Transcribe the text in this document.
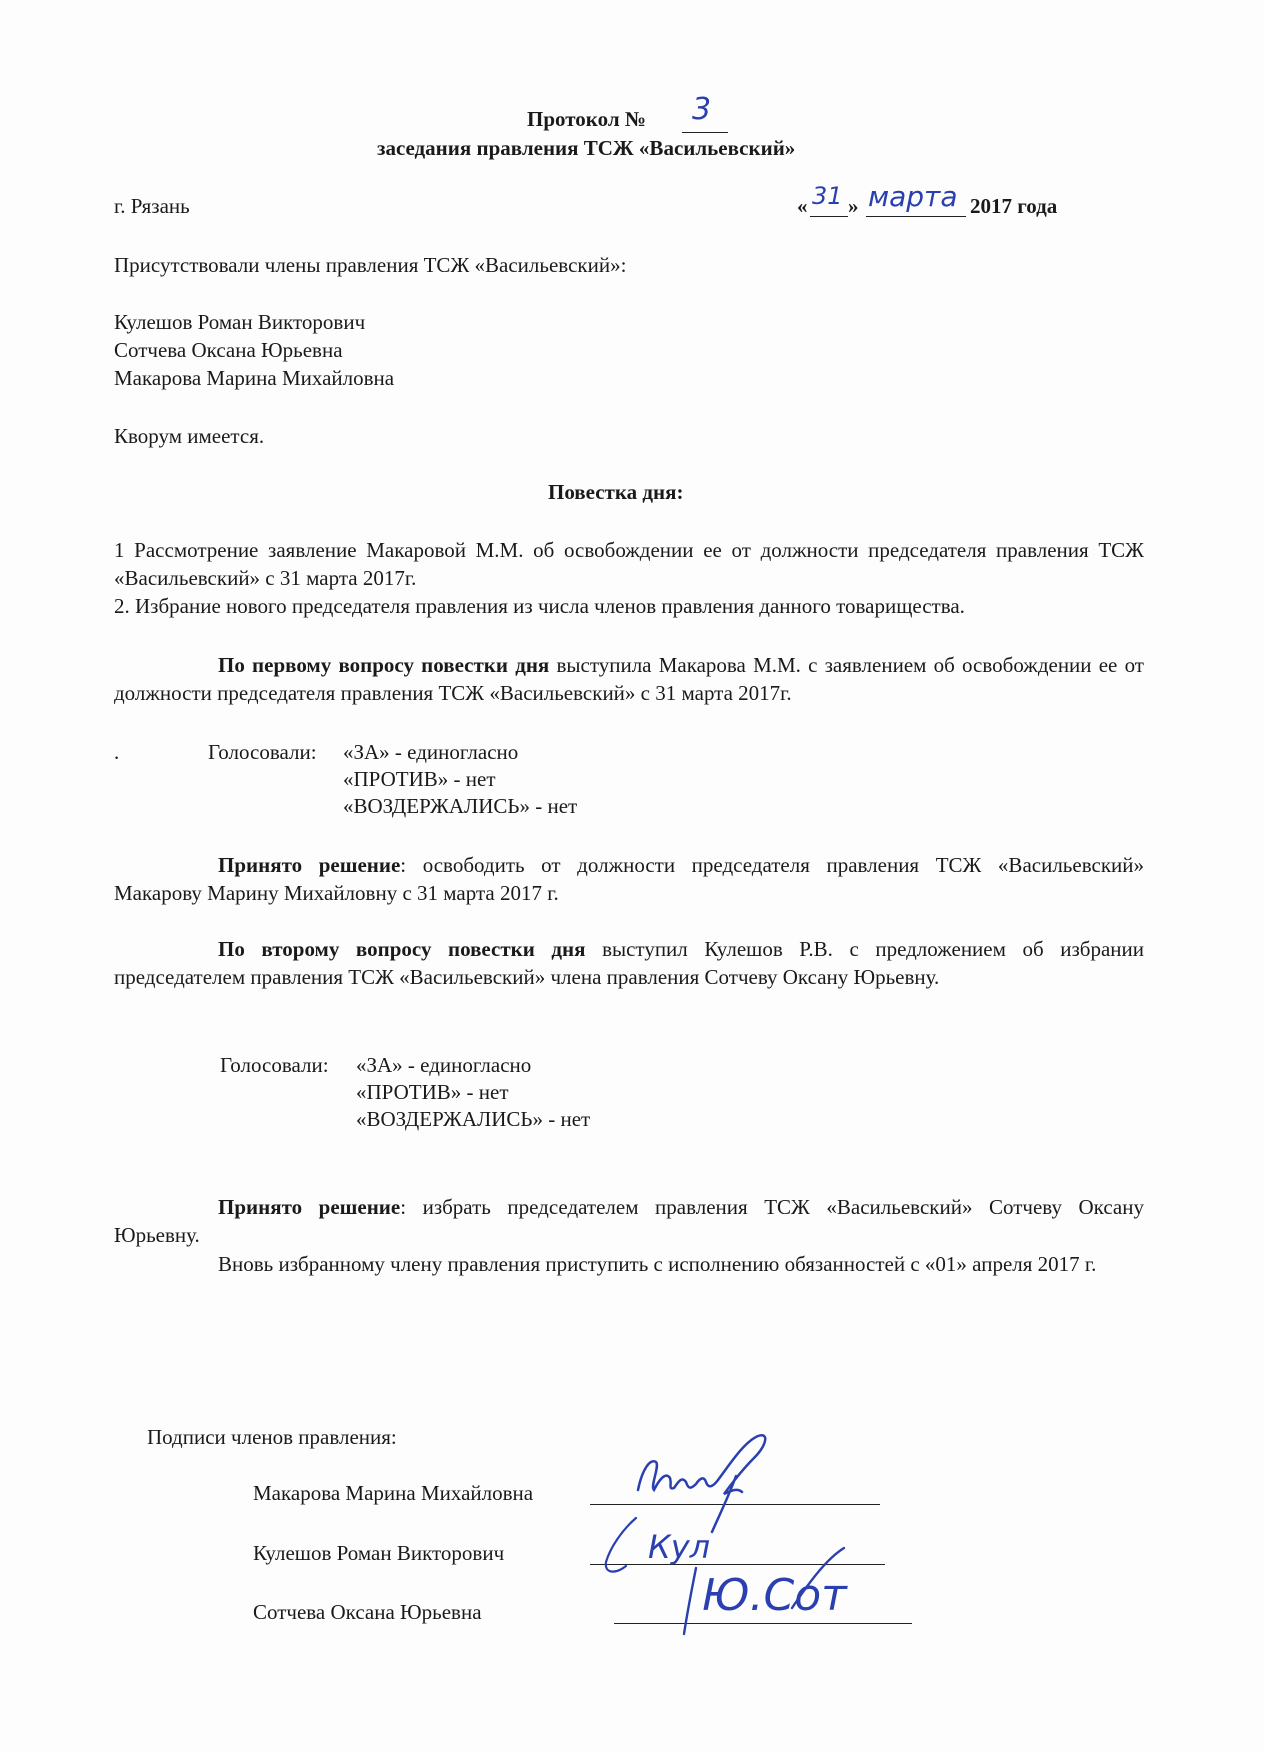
Протокол № 3
заседания правления ТСЖ «Васильевский»
г. Рязань	« 31 » марта 2017 года
Присутствовали члены правления ТСЖ «Васильевский»:
Кулешов Роман Викторович
Сотчева Оксана Юрьевна
Макарова Марина Михайловна
Кворум имеется.
Повестка дня:
1 Рассмотрение заявление Макаровой М.М. об освобождении ее от должности председателя правления ТСЖ «Васильевский» с 31 марта 2017г.
2. Избрание нового председателя правления из числа членов правления данного товарищества.
По первому вопросу повестки дня выступила Макарова М.М. с заявлением об освобождении ее от должности председателя правления ТСЖ «Васильевский» с 31 марта 2017г.
.	Голосовали: «ЗА» - единогласно
«ПРОТИВ» - нет
«ВОЗДЕРЖАЛИСЬ» - нет
Принято решение: освободить от должности председателя правления ТСЖ «Васильевский» Макарову Марину Михайловну с 31 марта 2017 г.
По второму вопросу повестки дня выступил Кулешов Р.В. с предложением об избрании председателем правления ТСЖ «Васильевский» члена правления Сотчеву Оксану Юрьевну.
Голосовали: «ЗА» - единогласно
«ПРОТИВ» - нет
«ВОЗДЕРЖАЛИСЬ» - нет
Принято решение: избрать председателем правления ТСЖ «Васильевский» Сотчеву Оксану Юрьевну.
Вновь избранному члену правления приступить с исполнению обязанностей с «01» апреля 2017 г.
Подписи членов правления:
Макарова Марина Михайловна
Кулешов Роман Викторович
Сотчева Оксана Юрьевна
Кул
Ю.Сот
